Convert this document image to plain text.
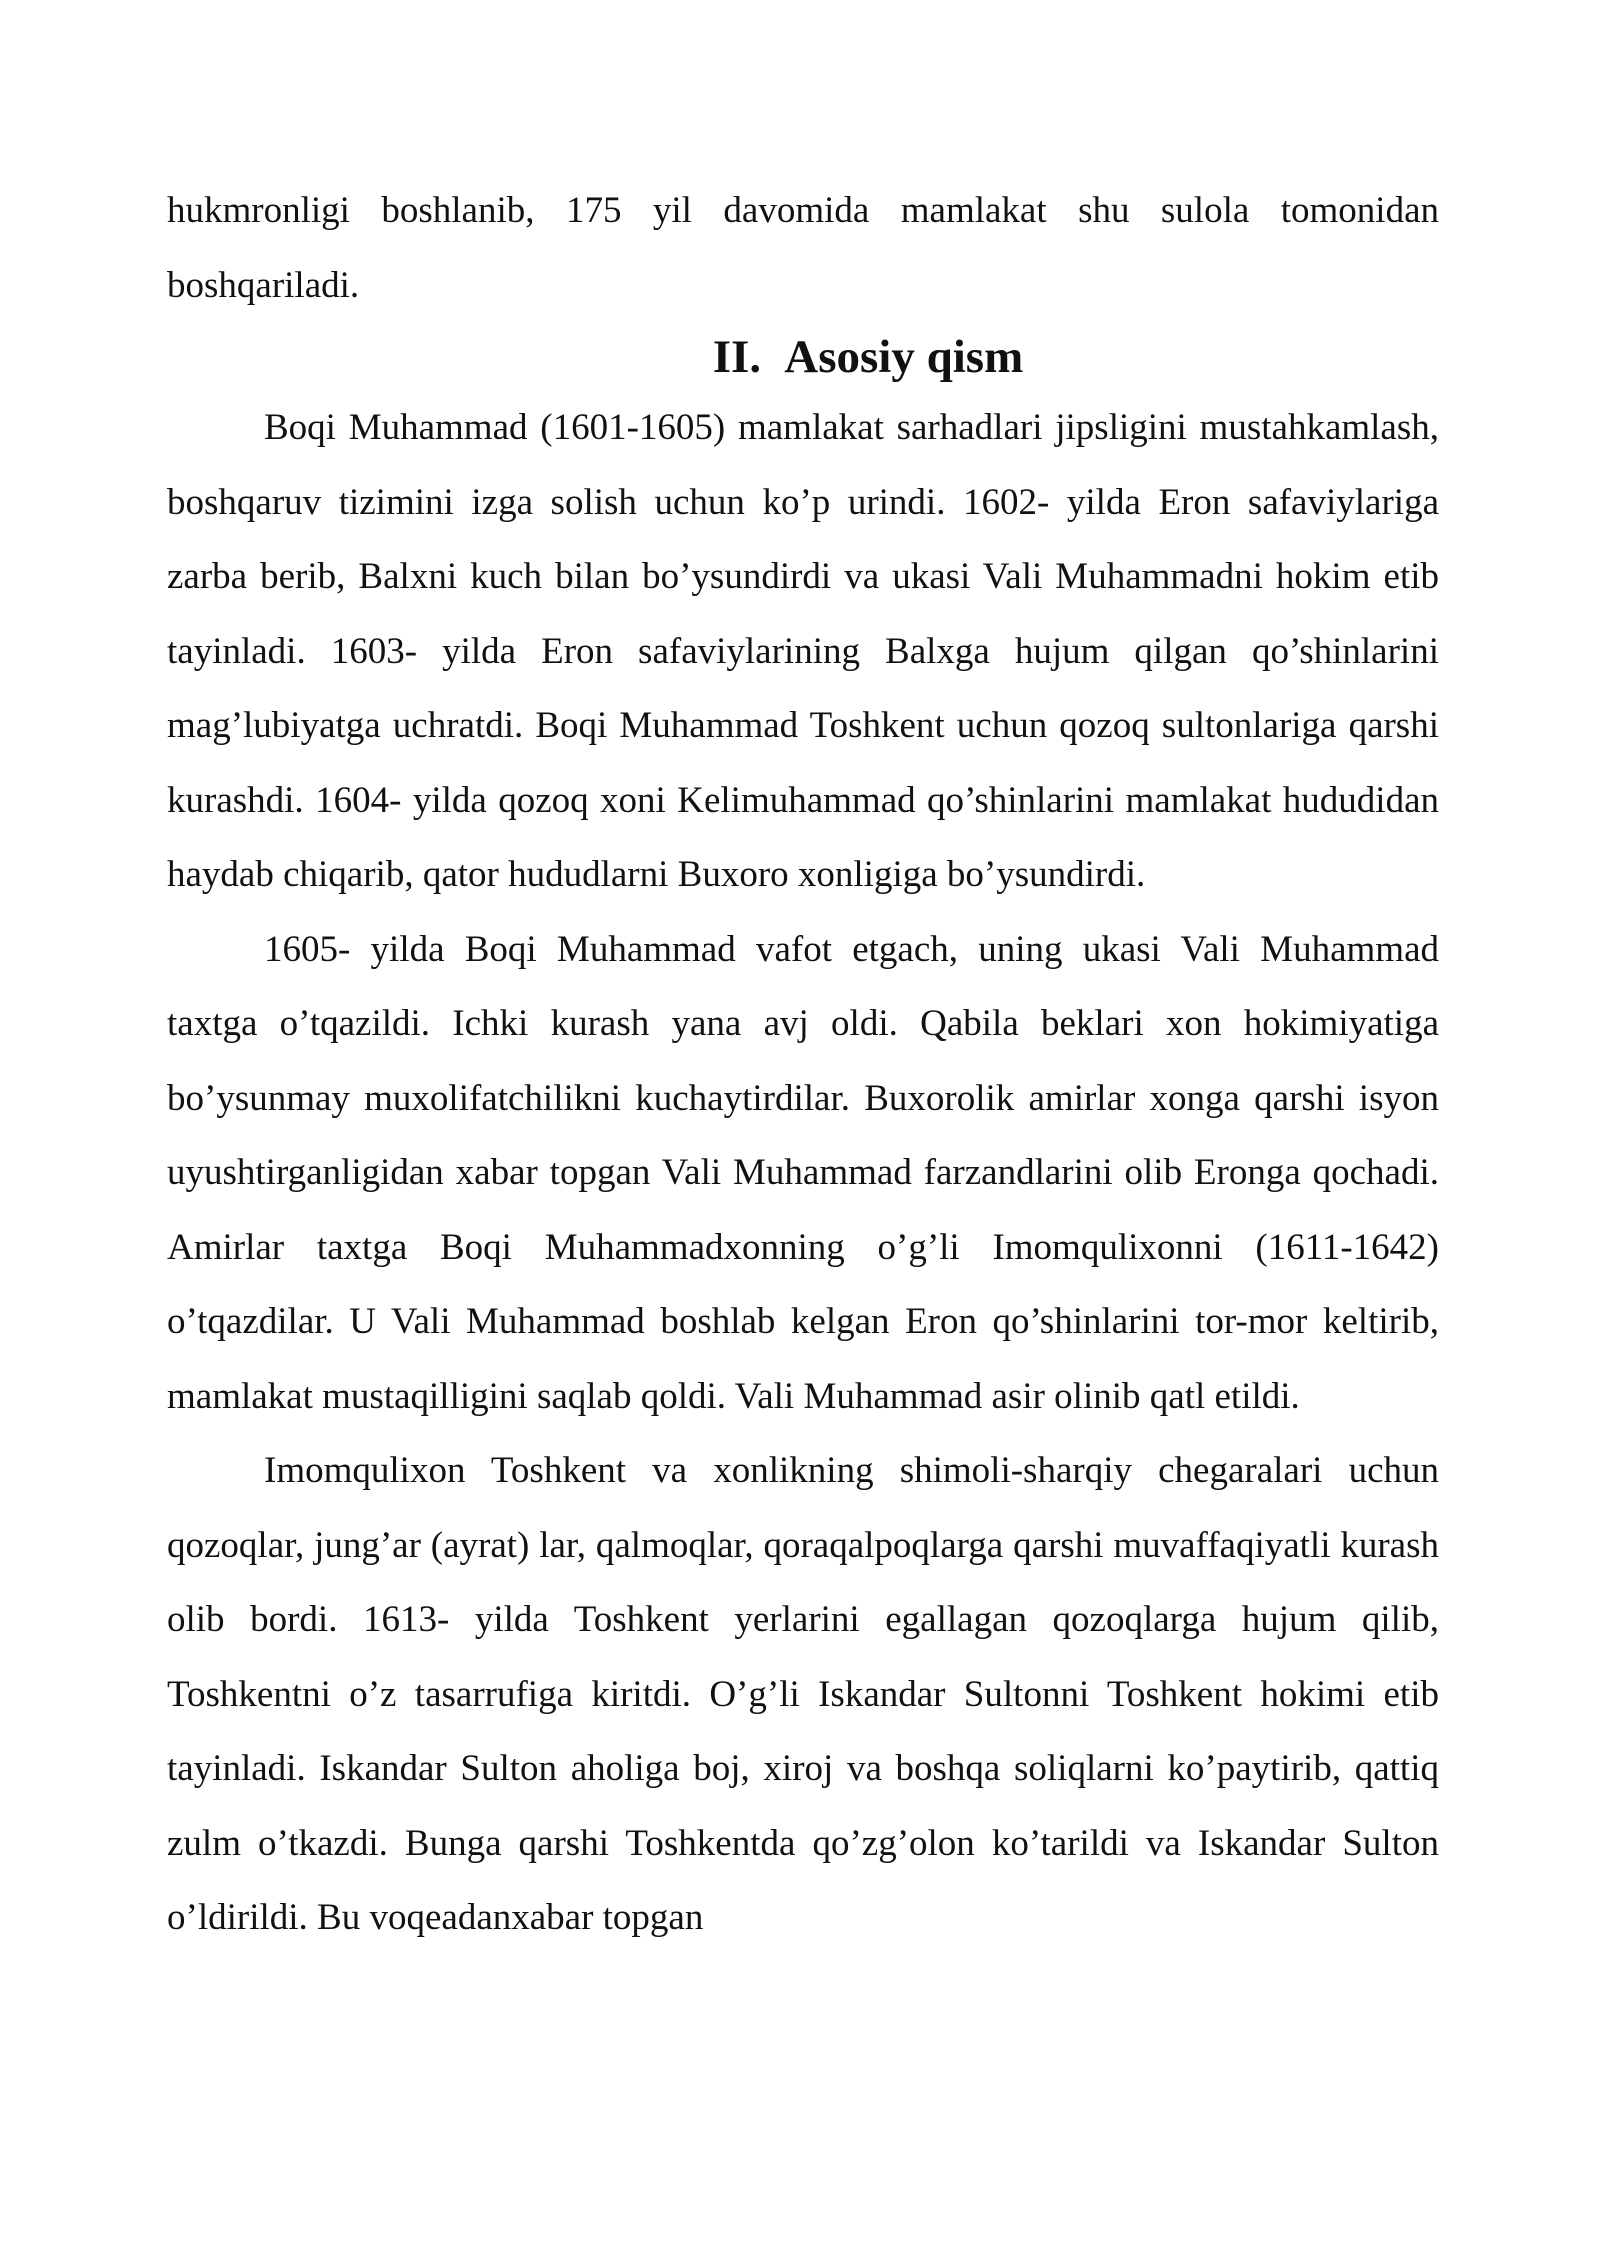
hukmronligi boshlanib, 175 yil davomida mamlakat shu sulola tomonidan boshqariladi.

II. Asosiy qism

Boqi Muhammad (1601-1605) mamlakat sarhadlari jipsligini mustahkamlash, boshqaruv tizimini izga solish uchun ko’p urindi. 1602- yilda Eron safaviylariga zarba berib, Balxni kuch bilan bo’ysundirdi va ukasi Vali Muhammadni hokim etib tayinladi. 1603- yilda Eron safaviylarining Balxga hujum qilgan qo’shinlarini mag’lubiyatga uchratdi. Boqi Muhammad Toshkent uchun qozoq sultonlariga qarshi kurashdi. 1604- yilda qozoq xoni Kelimuhammad qo’shinlarini mamlakat hududidan haydab chiqarib, qator hududlarni Buxoro xonligiga bo’ysundirdi.

1605- yilda Boqi Muhammad vafot etgach, uning ukasi Vali Muhammad taxtga o’tqazildi. Ichki kurash yana avj oldi. Qabila beklari xon hokimiyatiga bo’ysunmay muxolifatchilikni kuchaytirdilar. Buxorolik amirlar xonga qarshi isyon uyushtirganligidan xabar topgan Vali Muhammad farzandlarini olib Eronga qochadi. Amirlar taxtga Boqi Muhammadxonning o’g’li Imomqulixonni (1611-1642) o’tqazdilar. U Vali Muhammad boshlab kelgan Eron qo’shinlarini tor-mor keltirib, mamlakat mustaqilligini saqlab qoldi. Vali Muhammad asir olinib qatl etildi.

Imomqulixon Toshkent va xonlikning shimoli-sharqiy chegaralari uchun qozoqlar, jung’ar (ayrat) lar, qalmoqlar, qoraqalpoqlarga qarshi muvaffaqiyatli kurash olib bordi. 1613- yilda Toshkent yerlarini egallagan qozoqlarga hujum qilib, Toshkentni o’z tasarrufiga kiritdi. O’g’li Iskandar Sultonni Toshkent hokimi etib tayinladi. Iskandar Sulton aholiga boj, xiroj va boshqa soliqlarni ko’paytirib, qattiq zulm o’tkazdi. Bunga qarshi Toshkentda qo’zg’olon ko’tarildi va Iskandar Sulton o’ldirildi. Bu voqeadanxabar topgan
